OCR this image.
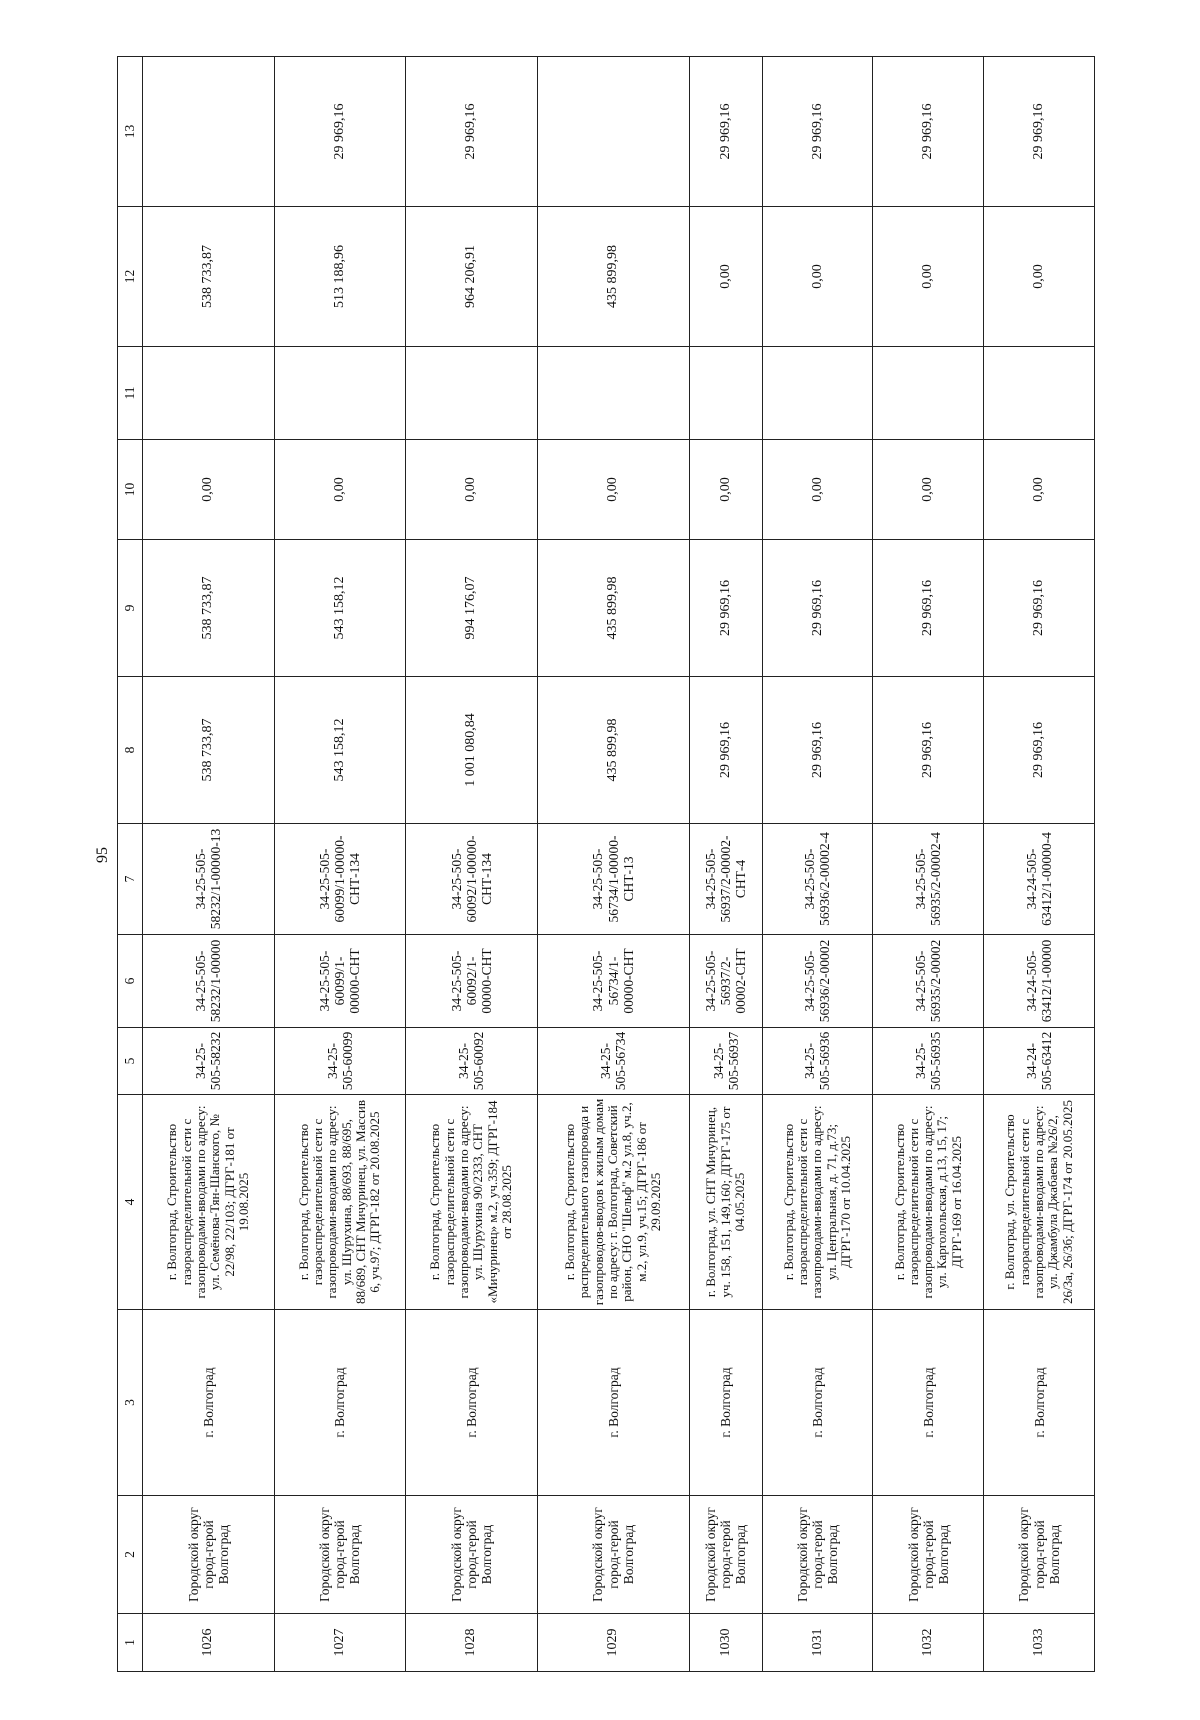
95
1	2	3	4	5	6	7	8	9	10	11	12	13
1026	Городской округ город-герой Волгоград	г. Волгоград	г. Волгоград, Строительство газораспределительной сети с газопроводами-вводами по адресу: ул. Семёнова-Тян-Шанского, № 22/98, 22/103; ДГРГ-181 от 19.08.2025	34-25-505-58232	34-25-505-58232/1-00000	34-25-505-58232/1-00000-13	538 733,87	538 733,87	0,00		538 733,87	
1027	Городской округ город-герой Волгоград	г. Волгоград	г. Волгоград, Строительство газораспределительной сети с газопроводами-вводами по адресу: ул. Шурухина, 88/693, 88/695, 88/689, СНТ Мичуринец, ул. Массив 6, уч.97; ДГРГ-182 от 20.08.2025	34-25-505-60099	34-25-505-60099/1-00000-СНТ	34-25-505-60099/1-00000-СНТ-134	543 158,12	543 158,12	0,00		513 188,96	29 969,16
1028	Городской округ город-герой Волгоград	г. Волгоград	г. Волгоград, Строительство газораспределительной сети с газопроводами-вводами по адресу: ул. Шурухина 90/2333, СНТ «Мичуринец» м.2, уч.359; ДГРГ-184 от 28.08.2025	34-25-505-60092	34-25-505-60092/1-00000-СНТ	34-25-505-60092/1-00000-СНТ-134	1 001 080,84	994 176,07	0,00		964 206,91	29 969,16
1029	Городской округ город-герой Волгоград	г. Волгоград	г. Волгоград, Строительство распределительного газопровода и газопроводов-вводов к жилым домам по адресу: г. Волгоград, Советский район, СНО "Шельф" м.2 ул.8, уч.2, м.2, ул.9, уч.15; ДГРГ-186 от 29.09.2025	34-25-505-56734	34-25-505-56734/1-00000-СНТ	34-25-505-56734/1-00000-СНТ-13	435 899,98	435 899,98	0,00		435 899,98	
1030	Городской округ город-герой Волгоград	г. Волгоград	г. Волгоград, ул. СНТ Мичуринец, уч. 158, 151, 149,160; ДГРГ-175 от 04.05.2025	34-25-505-56937	34-25-505-56937/2-00002-СНТ	34-25-505-56937/2-00002-СНТ-4	29 969,16	29 969,16	0,00		0,00	29 969,16
1031	Городской округ город-герой Волгоград	г. Волгоград	г. Волгоград, Строительство газораспределительной сети с газопроводами-вводами по адресу: ул. Центральная, д. 71, д.73; ДГРГ-170 от 10.04.2025	34-25-505-56936	34-25-505-56936/2-00002	34-25-505-56936/2-00002-4	29 969,16	29 969,16	0,00		0,00	29 969,16
1032	Городской округ город-герой Волгоград	г. Волгоград	г. Волгоград, Строительство газораспределительной сети с газопроводами-вводами по адресу: ул. Карголольская, д.13, 15, 17; ДГРГ-169 от 16.04.2025	34-25-505-56935	34-25-505-56935/2-00002	34-25-505-56935/2-00002-4	29 969,16	29 969,16	0,00		0,00	29 969,16
1033	Городской округ город-герой Волгоград	г. Волгоград	г. Волгоград, ул. Строительство газораспределительной сети с газопроводами-вводами по адресу: ул. Джамбула Джабаева №26/2, 26/3а, 26/3б; ДГРГ-174 от 20.05.2025	34-24-505-63412	34-24-505-63412/1-00000	34-24-505-63412/1-00000-4	29 969,16	29 969,16	0,00		0,00	29 969,16
